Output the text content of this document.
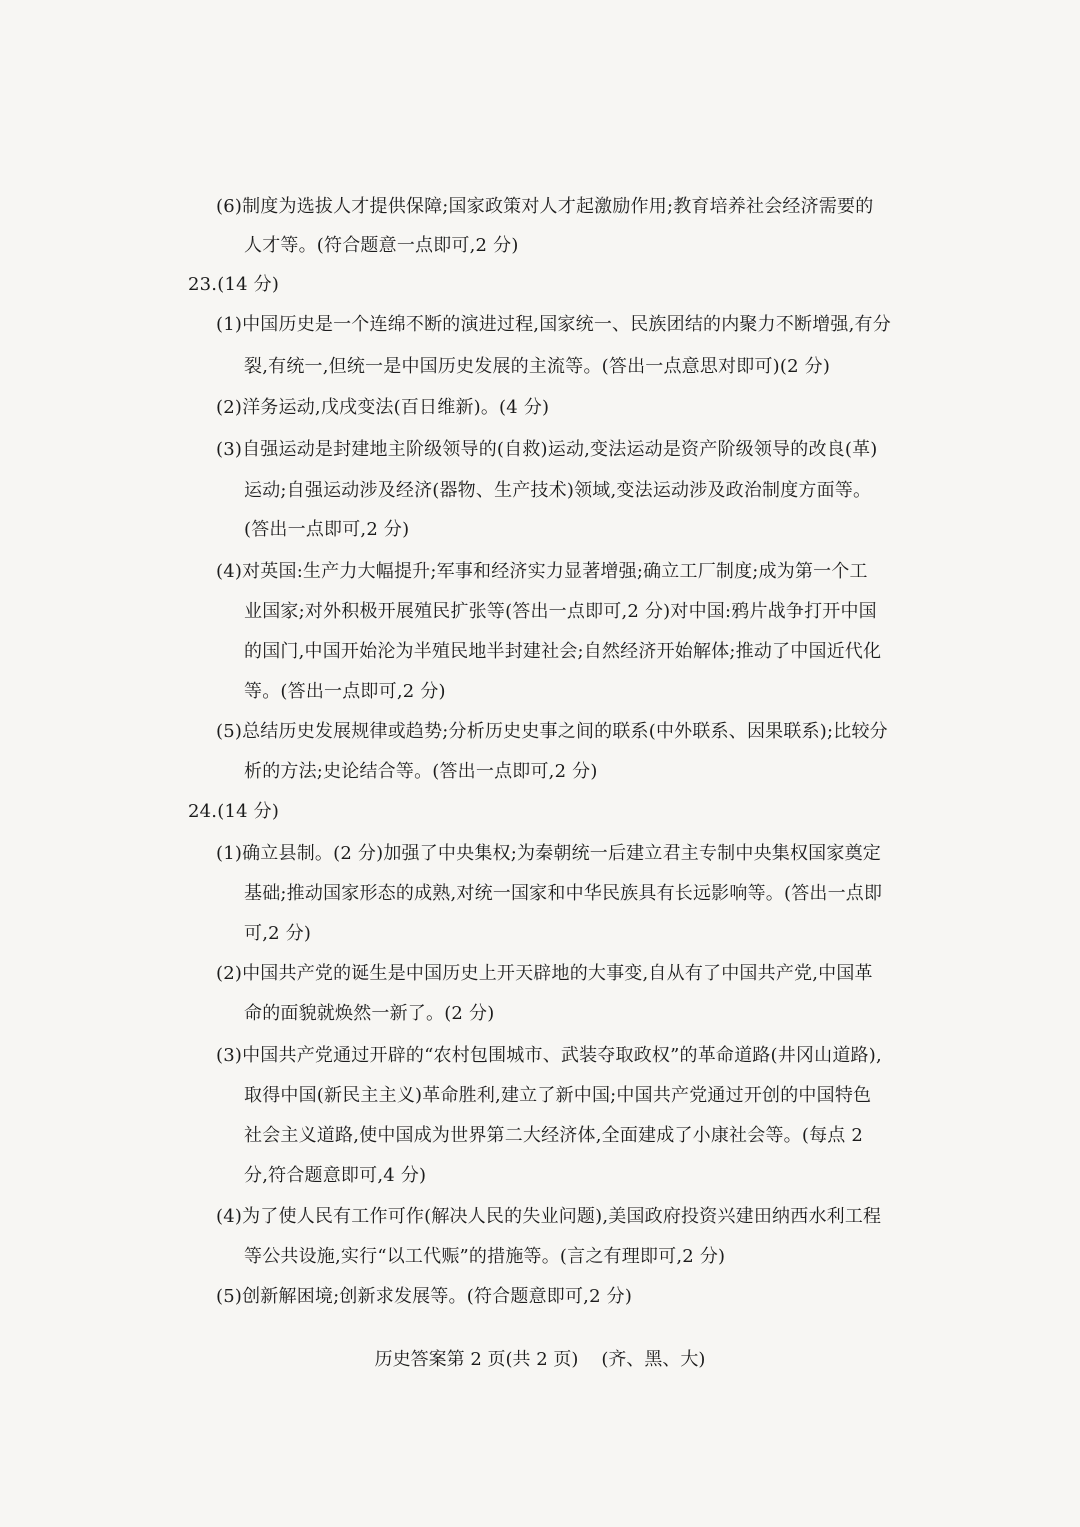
(6)制度为选拔人才提供保障;国家政策对人才起激励作用;教育培养社会经济需要的
人才等。(符合题意一点即可,2 分)
23.(14 分)
(1)中国历史是一个连绵不断的演进过程,国家统一、民族团结的内聚力不断增强,有分
裂,有统一,但统一是中国历史发展的主流等。(答出一点意思对即可)(2 分)
(2)洋务运动,戊戌变法(百日维新)。(4 分)
(3)自强运动是封建地主阶级领导的(自救)运动,变法运动是资产阶级领导的改良(革)
运动;自强运动涉及经济(器物、生产技术)领域,变法运动涉及政治制度方面等。
(答出一点即可,2 分)
(4)对英国:生产力大幅提升;军事和经济实力显著增强;确立工厂制度;成为第一个工
业国家;对外积极开展殖民扩张等(答出一点即可,2 分)对中国:鸦片战争打开中国
的国门,中国开始沦为半殖民地半封建社会;自然经济开始解体;推动了中国近代化
等。(答出一点即可,2 分)
(5)总结历史发展规律或趋势;分析历史史事之间的联系(中外联系、因果联系);比较分
析的方法;史论结合等。(答出一点即可,2 分)
24.(14 分)
(1)确立县制。(2 分)加强了中央集权;为秦朝统一后建立君主专制中央集权国家奠定
基础;推动国家形态的成熟,对统一国家和中华民族具有长远影响等。(答出一点即
可,2 分)
(2)中国共产党的诞生是中国历史上开天辟地的大事变,自从有了中国共产党,中国革
命的面貌就焕然一新了。(2 分)
(3)中国共产党通过开辟的“农村包围城市、武装夺取政权”的革命道路(井冈山道路),
取得中国(新民主主义)革命胜利,建立了新中国;中国共产党通过开创的中国特色
社会主义道路,使中国成为世界第二大经济体,全面建成了小康社会等。(每点 2
分,符合题意即可,4 分)
(4)为了使人民有工作可作(解决人民的失业问题),美国政府投资兴建田纳西水利工程
等公共设施,实行“以工代赈”的措施等。(言之有理即可,2 分)
(5)创新解困境;创新求发展等。(符合题意即可,2 分)
历史答案第 2 页(共 2 页) (齐、黑、大)
